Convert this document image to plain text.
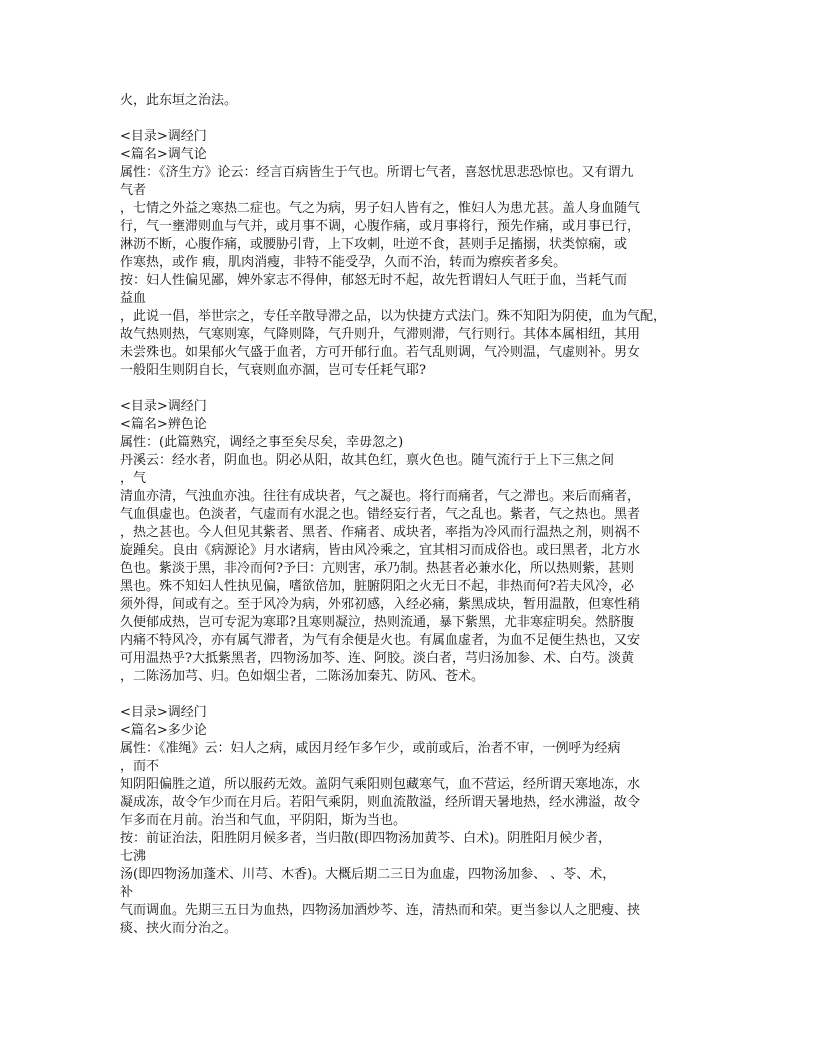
火，此东垣之治法。
<目录>调经门
<篇名>调气论
属性：《济生方》论云：经言百病皆生于气也。所谓七气者，喜怒忧思悲恐惊也。又有谓九
气者
，七情之外益之寒热二症也。气之为病，男子妇人皆有之，惟妇人为患尤甚。盖人身血随气
行，气一壅滞则血与气并，或月事不调，心腹作痛，或月事将行，预先作痛，或月事已行，
淋沥不断，心腹作痛，或腰胁引背，上下攻刺，吐逆不食，甚则手足搐搦，状类惊痫，或
作寒热，或作 瘕，肌肉消瘦，非特不能受孕，久而不治，转而为瘵疾者多矣。
按：妇人性偏见鄙，婢外家志不得伸，郁怒无时不起，故先哲谓妇人气旺于血，当耗气而
益血
，此说一倡，举世宗之，专任辛散导滞之品，以为快捷方式法门。殊不知阳为阴使，血为气配，
故气热则热，气寒则寒，气降则降，气升则升，气滞则滞，气行则行。其体本属相纽，其用
未尝殊也。如果郁火气盛于血者，方可开郁行血。若气乱则调，气冷则温，气虚则补。男女
一般阳生则阴自长，气衰则血亦涸，岂可专任耗气耶?
<目录>调经门
<篇名>辨色论
属性：(此篇熟究，调经之事至矣尽矣，幸毋忽之)
丹溪云：经水者，阴血也。阴必从阳，故其色红，禀火色也。随气流行于上下三焦之间
，气
清血亦清，气浊血亦浊。往往有成块者，气之凝也。将行而痛者，气之滞也。来后而痛者，
气血俱虚也。色淡者，气虚而有水混之也。错经妄行者，气之乱也。紫者，气之热也。黑者
，热之甚也。今人但见其紫者、黑者、作痛者、成块者，率指为冷风而行温热之剂，则祸不
旋踵矣。良由《病源论》月水诸病，皆由风冷乘之，宜其相习而成俗也。或曰黑者，北方水
色也。紫淡于黑，非冷而何?予曰：亢则害，承乃制。热甚者必兼水化，所以热则紫，甚则
黑也。殊不知妇人性执见偏，嗜欲倍加，脏腑阴阳之火无日不起，非热而何?若夫风冷，必
须外得，间或有之。至于风冷为病，外邪初感，入经必痛，紫黑成块，暂用温散，但寒性稍
久便郁成热，岂可专泥为寒耶?且寒则凝泣，热则流通，暴下紫黑，尤非寒症明矣。然脐腹
内痛不特风冷，亦有属气滞者，为气有余便是火也。有属血虚者，为血不足便生热也，又安
可用温热乎?大抵紫黑者，四物汤加芩、连、阿胶。淡白者，芎归汤加参、术、白芍。淡黄
，二陈汤加芎、归。色如烟尘者，二陈汤加秦艽、防风、苍术。
<目录>调经门
<篇名>多少论
属性：《准绳》云：妇人之病，咸因月经乍多乍少，或前或后，治者不审，一例呼为经病
，而不
知阴阳偏胜之道，所以服药无效。盖阴气乘阳则包藏寒气，血不营运，经所谓天寒地冻，水
凝成冻，故令乍少而在月后。若阳气乘阴，则血流散溢，经所谓天暑地热，经水沸溢，故令
乍多而在月前。治当和气血，平阴阳，斯为当也。
按：前证治法，阳胜阴月候多者，当归散(即四物汤加黄芩、白术)。阴胜阳月候少者，
七沸
汤(即四物汤加蓬术、川芎、木香)。大概后期二三日为血虚，四物汤加参、 、苓、术，
补
气而调血。先期三五日为血热，四物汤加酒炒芩、连，清热而和荣。更当参以人之肥瘦、挟
痰、挟火而分治之。
